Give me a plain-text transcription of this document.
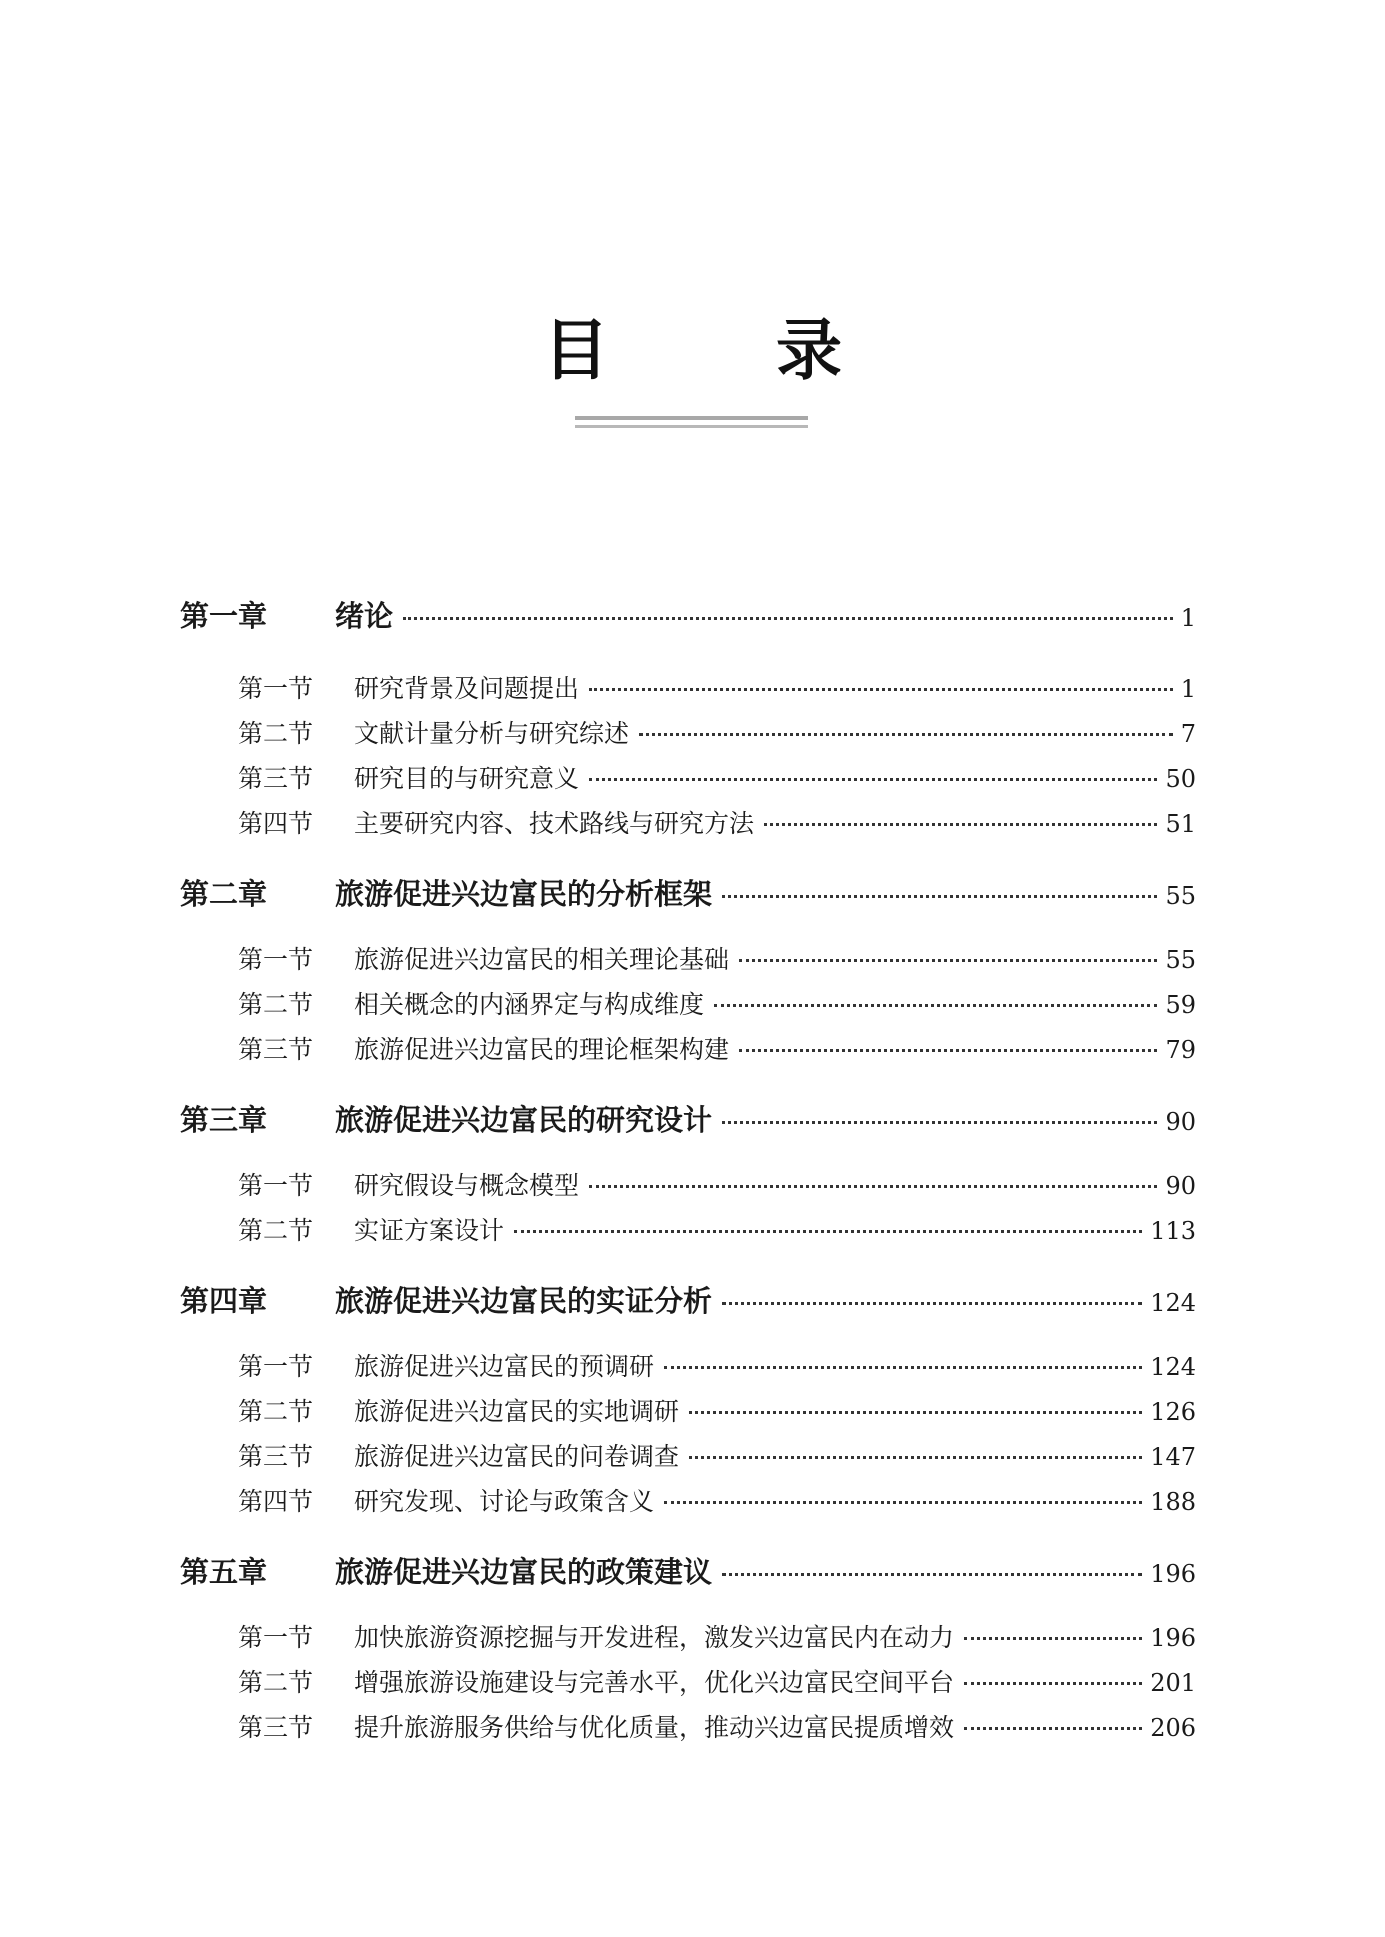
目 录
第一章	绪论	1
第一节	研究背景及问题提出	1
第二节	文献计量分析与研究综述	7
第三节	研究目的与研究意义	50
第四节	主要研究内容、技术路线与研究方法	51
第二章	旅游促进兴边富民的分析框架	55
第一节	旅游促进兴边富民的相关理论基础	55
第二节	相关概念的内涵界定与构成维度	59
第三节	旅游促进兴边富民的理论框架构建	79
第三章	旅游促进兴边富民的研究设计	90
第一节	研究假设与概念模型	90
第二节	实证方案设计	113
第四章	旅游促进兴边富民的实证分析	124
第一节	旅游促进兴边富民的预调研	124
第二节	旅游促进兴边富民的实地调研	126
第三节	旅游促进兴边富民的问卷调查	147
第四节	研究发现、讨论与政策含义	188
第五章	旅游促进兴边富民的政策建议	196
第一节	加快旅游资源挖掘与开发进程，激发兴边富民内在动力	196
第二节	增强旅游设施建设与完善水平，优化兴边富民空间平台	201
第三节	提升旅游服务供给与优化质量，推动兴边富民提质增效	206
